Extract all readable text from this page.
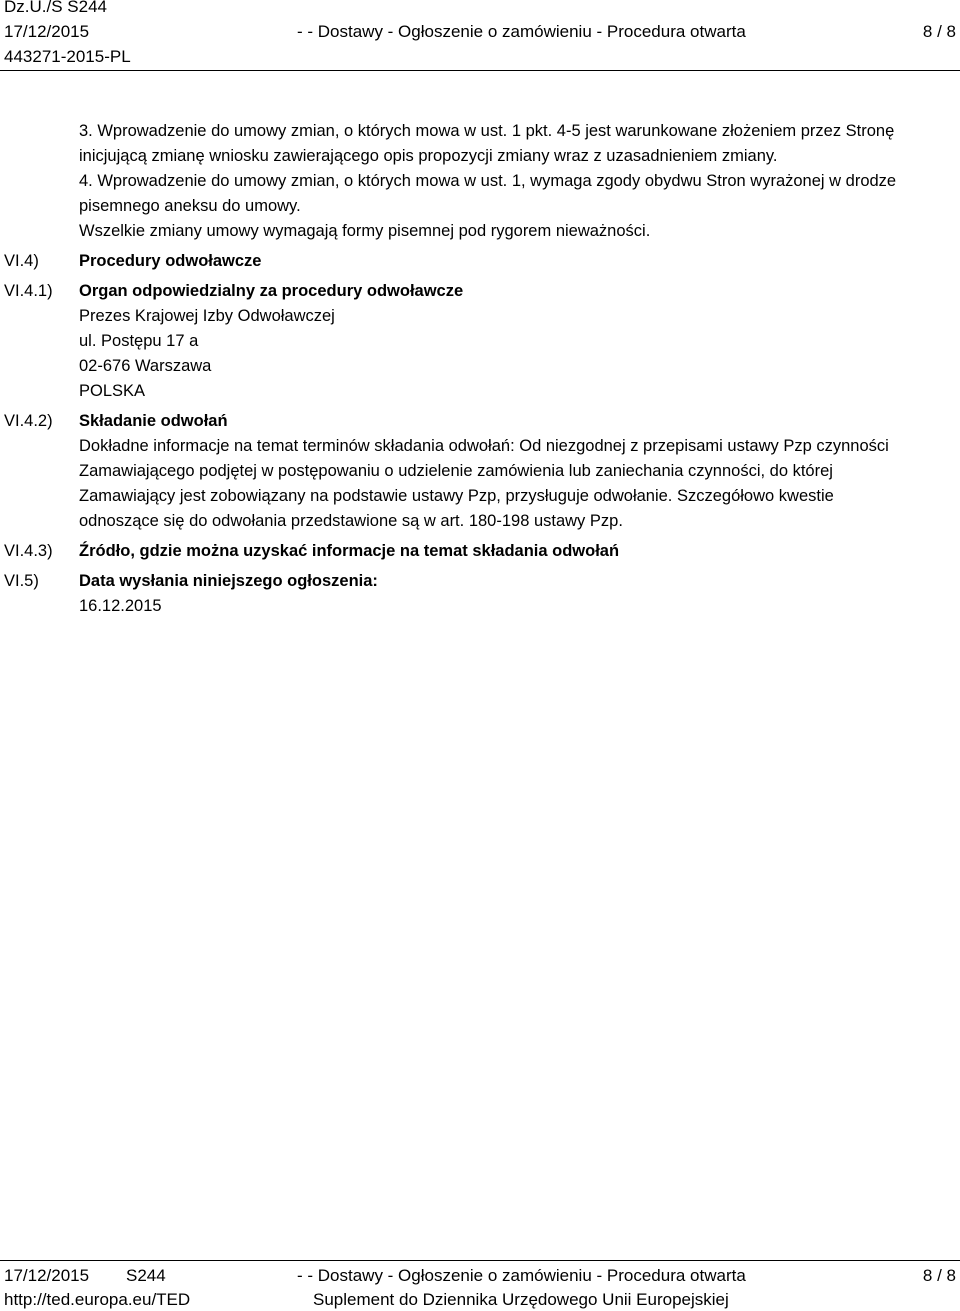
Dz.U./S S244
17/12/2015	- - Dostawy - Ogłoszenie o zamówieniu - Procedura otwarta	8 / 8
443271-2015-PL
3. Wprowadzenie do umowy zmian, o których mowa w ust. 1 pkt. 4-5 jest warunkowane złożeniem przez Stronę
inicjującą zmianę wniosku zawierającego opis propozycji zmiany wraz z uzasadnieniem zmiany.
4. Wprowadzenie do umowy zmian, o których mowa w ust. 1, wymaga zgody obydwu Stron wyrażonej w drodze
pisemnego aneksu do umowy.
Wszelkie zmiany umowy wymagają formy pisemnej pod rygorem nieważności.
VI.4) Procedury odwoławcze
VI.4.1) Organ odpowiedzialny za procedury odwoławcze
Prezes Krajowej Izby Odwoławczej
ul. Postępu 17 a
02-676 Warszawa
POLSKA
VI.4.2) Składanie odwołań
Dokładne informacje na temat terminów składania odwołań: Od niezgodnej z przepisami ustawy Pzp czynności
Zamawiającego podjętej w postępowaniu o udzielenie zamówienia lub zaniechania czynności, do której
Zamawiający jest zobowiązany na podstawie ustawy Pzp, przysługuje odwołanie. Szczegółowo kwestie
odnoszące się do odwołania przedstawione są w art. 180-198 ustawy Pzp.
VI.4.3) Źródło, gdzie można uzyskać informacje na temat składania odwołań
VI.5) Data wysłania niniejszego ogłoszenia:
16.12.2015
17/12/2015 S244	- - Dostawy - Ogłoszenie o zamówieniu - Procedura otwarta	8 / 8
http://ted.europa.eu/TED	Suplement do Dziennika Urzędowego Unii Europejskiej
